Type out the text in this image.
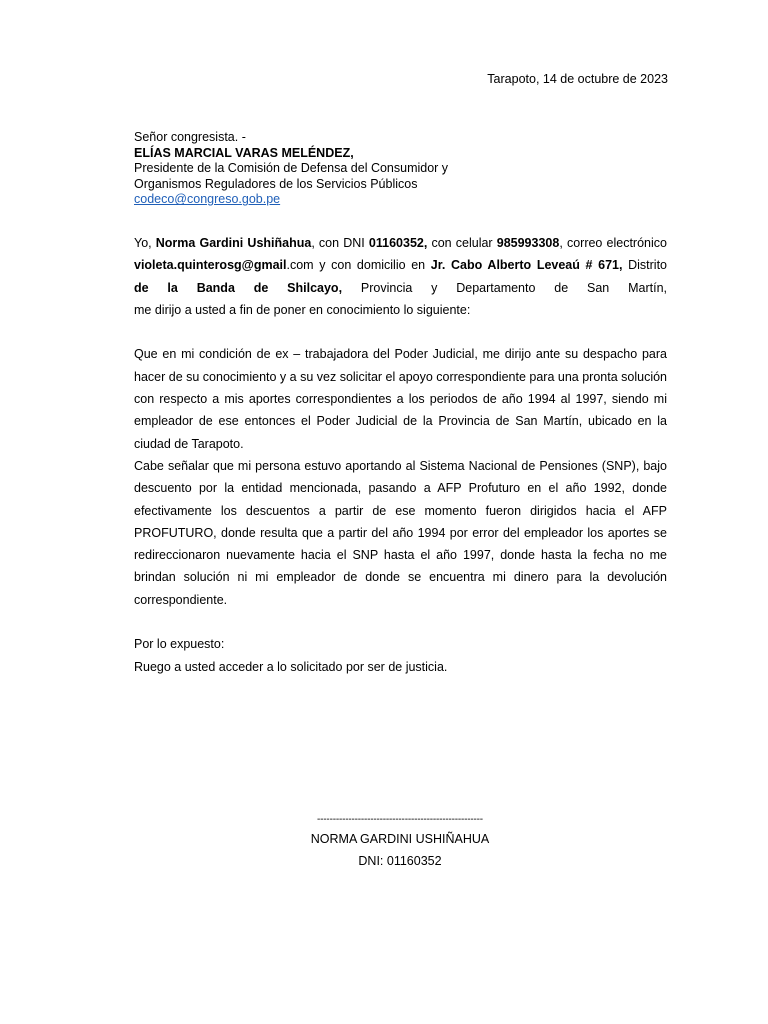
Tarapoto, 14 de octubre de 2023
Señor congresista. -
ELÍAS MARCIAL VARAS MELÉNDEZ,
Presidente de la Comisión de Defensa del Consumidor y
Organismos Reguladores de los Servicios Públicos
codeco@congreso.gob.pe

Yo, Norma Gardini Ushiñahua, con DNI 01160352, con celular 985993308, correo electrónico
violeta.quinterosg@gmail.com y con domicilio en Jr. Cabo Alberto Leveaú # 671, Distrito
de la Banda de Shilcayo, Provincia y Departamento de San Martín,
me dirijo a usted a fin de poner en conocimiento lo siguiente:

Que en mi condición de ex – trabajadora del Poder Judicial, me dirijo ante su despacho para hacer de su conocimiento y a su vez solicitar el apoyo correspondiente para una pronta solución con respecto a mis aportes correspondientes a los periodos de año 1994 al 1997, siendo mi empleador de ese entonces el Poder Judicial de la Provincia de San Martín, ubicado en la ciudad de Tarapoto.

Cabe señalar que mi persona estuvo aportando al Sistema Nacional de Pensiones (SNP), bajo descuento por la entidad mencionada, pasando a AFP Profuturo en el año 1992, donde efectivamente los descuentos a partir de ese momento fueron dirigidos hacia el AFP PROFUTURO, donde resulta que a partir del año 1994 por error del empleador los aportes se redireccionaron nuevamente hacia el SNP hasta el año 1997, donde hasta la fecha no me brindan solución ni mi empleador de donde se encuentra mi dinero para la devolución correspondiente.

Por lo expuesto:

Ruego a usted acceder a lo solicitado por ser de justicia.

-----------------------------------------------------
NORMA GARDINI USHIÑAHUA
DNI: 01160352
